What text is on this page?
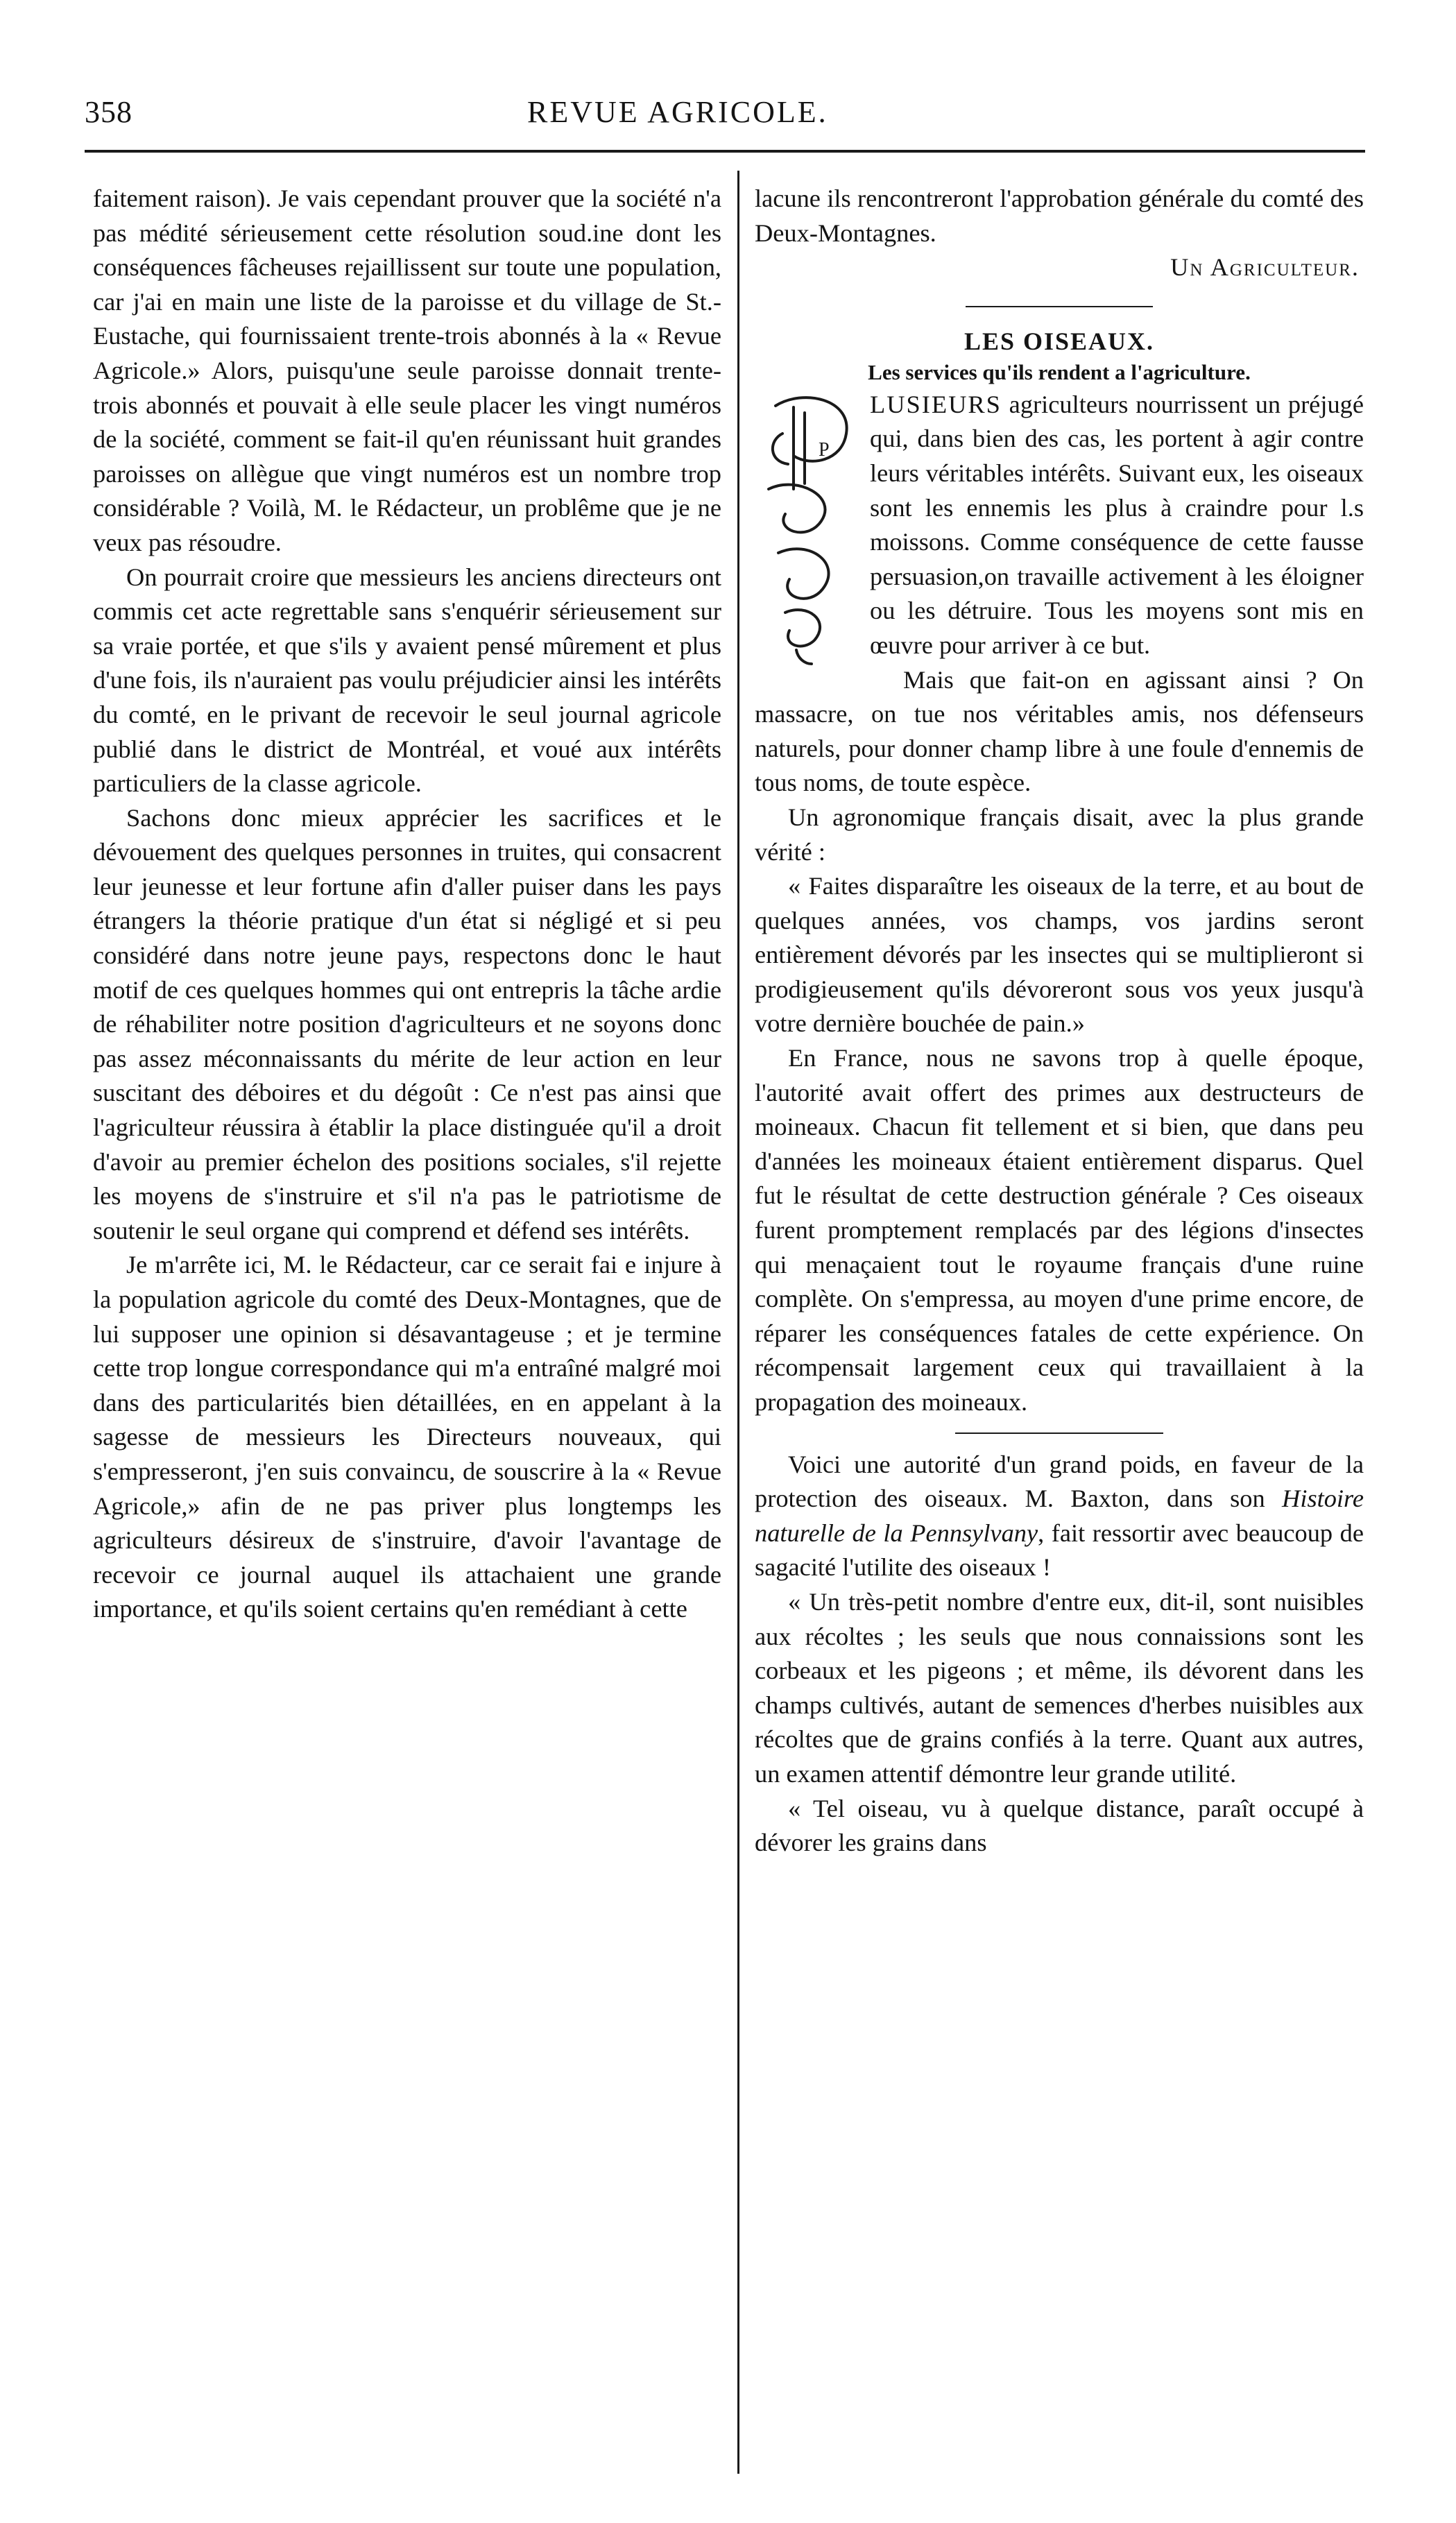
358	REVUE AGRICOLE.

faitement raison). Je vais cependant prouver que la société n'a pas médité sérieusement cette résolution soud.ine dont les conséquences fâcheuses rejaillissent sur toute une population, car j'ai en main une liste de la paroisse et du village de St.-Eustache, qui fournissaient trente-trois abonnés à la « Revue Agricole.» Alors, puisqu'une seule paroisse donnait trente-trois abonnés et pouvait à elle seule placer les vingt numéros de la société, comment se fait-il qu'en réunissant huit grandes paroisses on allègue que vingt numéros est un nombre trop considérable ? Voilà, M. le Rédacteur, un problême que je ne veux pas résoudre.

On pourrait croire que messieurs les anciens directeurs ont commis cet acte regrettable sans s'enquérir sérieusement sur sa vraie portée, et que s'ils y avaient pensé mûrement et plus d'une fois, ils n'auraient pas voulu préjudicier ainsi les intérêts du comté, en le privant de recevoir le seul journal agricole publié dans le district de Montréal, et voué aux intérêts particuliers de la classe agricole.

Sachons donc mieux apprécier les sacrifices et le dévouement des quelques personnes in truites, qui consacrent leur jeunesse et leur fortune afin d'aller puiser dans les pays étrangers la théorie pratique d'un état si négligé et si peu considéré dans notre jeune pays, respectons donc le haut motif de ces quelques hommes qui ont entrepris la tâche ardie de réhabiliter notre position d'agriculteurs et ne soyons donc pas assez méconnaissants du mérite de leur action en leur suscitant des déboires et du dégoût : Ce n'est pas ainsi que l'agriculteur réussira à établir la place distinguée qu'il a droit d'avoir au premier échelon des positions sociales, s'il rejette les moyens de s'instruire et s'il n'a pas le patriotisme de soutenir le seul organe qui comprend et défend ses intérêts.

Je m'arrête ici, M. le Rédacteur, car ce serait fai e injure à la population agricole du comté des Deux-Montagnes, que de lui supposer une opinion si désavantageuse ; et je termine cette trop longue correspondance qui m'a entraîné malgré moi dans des particularités bien détaillées, en en appelant à la sagesse de messieurs les Directeurs nouveaux, qui s'empresseront, j'en suis convaincu, de souscrire à la « Revue Agricole,» afin de ne pas priver plus longtemps les agriculteurs désireux de s'instruire, d'avoir l'avantage de recevoir ce journal auquel ils attachaient une grande importance, et qu'ils soient certains qu'en remédiant à cette

lacune ils rencontreront l'approbation générale du comté des Deux-Montagnes.

Un Agriculteur.

LES OISEAUX.

Les services qu'ils rendent a l'agriculture.

P

LUSIEURS agriculteurs nourrissent un préjugé qui, dans bien des cas, les portent à agir contre leurs véritables intérêts. Suivant eux, les oiseaux sont les ennemis les plus à craindre pour l.s moissons. Comme conséquence de cette fausse persuasion,on travaille activement à les éloigner ou les détruire. Tous les moyens sont mis en œuvre pour arriver à ce but.

Mais que fait-on en agissant ainsi ? On massacre, on tue nos véritables amis, nos défenseurs naturels, pour donner champ libre à une foule d'ennemis de tous noms, de toute espèce.

Un agronomique français disait, avec la plus grande vérité :

« Faites disparaître les oiseaux de la terre, et au bout de quelques années, vos champs, vos jardins seront entièrement dévorés par les insectes qui se multiplieront si prodigieusement qu'ils dévoreront sous vos yeux jusqu'à votre dernière bouchée de pain.»

En France, nous ne savons trop à quelle époque, l'autorité avait offert des primes aux destructeurs de moineaux. Chacun fit tellement et si bien, que dans peu d'années les moineaux étaient entièrement disparus. Quel fut le résultat de cette destruction générale ? Ces oiseaux furent promptement remplacés par des légions d'insectes qui menaçaient tout le royaume français d'une ruine complète. On s'empressa, au moyen d'une prime encore, de réparer les conséquences fatales de cette expérience. On récompensait largement ceux qui travaillaient à la propagation des moineaux.

Voici une autorité d'un grand poids, en faveur de la protection des oiseaux. M. Baxton, dans son Histoire naturelle de la Pennsylvany, fait ressortir avec beaucoup de sagacité l'utilite des oiseaux !

« Un très-petit nombre d'entre eux, dit-il, sont nuisibles aux récoltes ; les seuls que nous connaissions sont les corbeaux et les pigeons ; et même, ils dévorent dans les champs cultivés, autant de semences d'herbes nuisibles aux récoltes que de grains confiés à la terre. Quant aux autres, un examen attentif démontre leur grande utilité.

« Tel oiseau, vu à quelque distance, paraît occupé à dévorer les grains dans
